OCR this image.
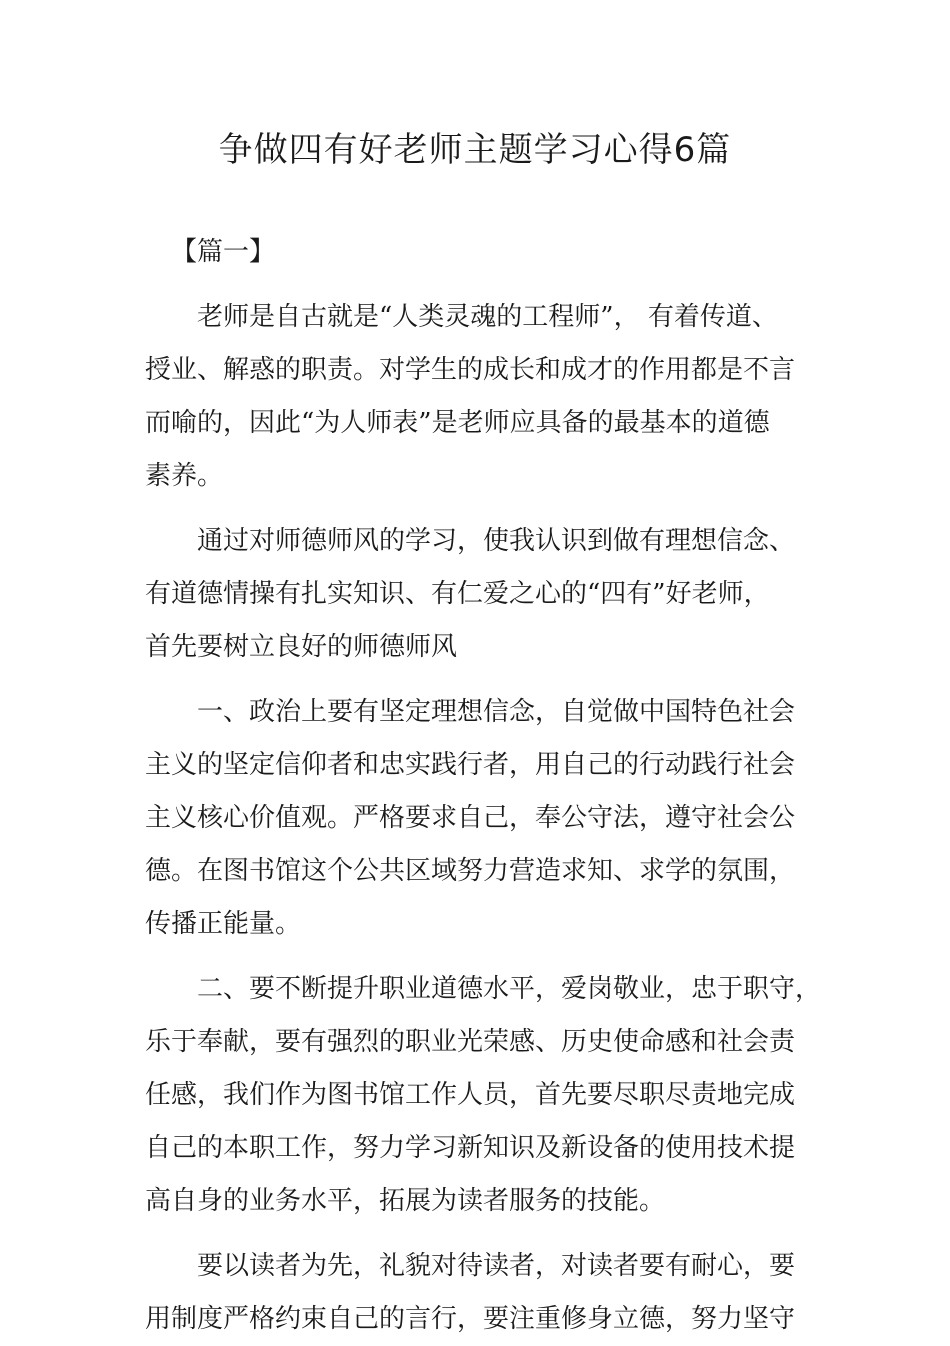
争做四有好老师主题学习心得6篇
【篇一】
老师是自古就是“人类灵魂的工程师”， 有着传道、
授业、解惑的职责。对学生的成长和成才的作用都是不言
而喻的，因此“为人师表”是老师应具备的最基本的道德
素养。
通过对师德师风的学习，使我认识到做有理想信念、
有道德情操有扎实知识、有仁爱之心的“四有”好老师，
首先要树立良好的师德师风
一、政治上要有坚定理想信念，自觉做中国特色社会
主义的坚定信仰者和忠实践行者，用自己的行动践行社会
主义核心价值观。严格要求自己，奉公守法，遵守社会公
德。在图书馆这个公共区域努力营造求知、求学的氛围，
传播正能量。
二、要不断提升职业道德水平，爱岗敬业，忠于职守，
乐于奉献，要有强烈的职业光荣感、历史使命感和社会责
任感，我们作为图书馆工作人员，首先要尽职尽责地完成
自己的本职工作，努力学习新知识及新设备的使用技术提
高自身的业务水平，拓展为读者服务的技能。
要以读者为先，礼貌对待读者，对读者要有耐心，要
用制度严格约束自己的言行，要注重修身立德，努力坚守
